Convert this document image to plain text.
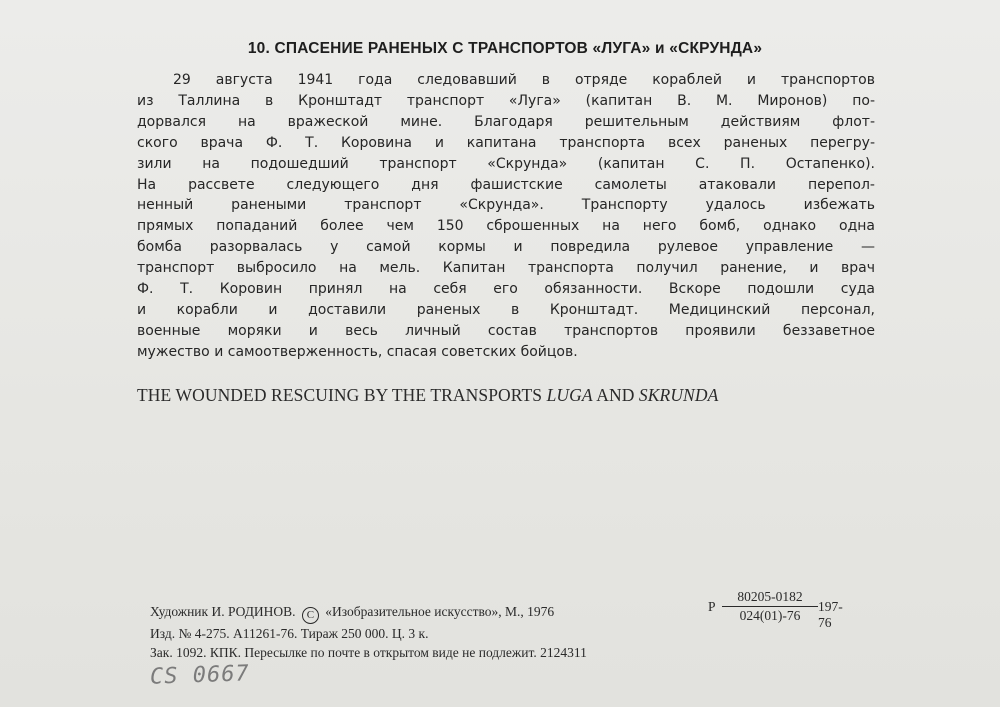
10. СПАСЕНИЕ РАНЕНЫХ С ТРАНСПОРТОВ «ЛУГА» и «СКРУНДА»
29 августа 1941 года следовавший в отряде кораблей и транспортов
из Таллина в Кронштадт транспорт «Луга» (капитан В. М. Миронов) по-
дорвался на вражеской мине. Благодаря решительным действиям флот-
ского врача Ф. Т. Коровина и капитана транспорта всех раненых перегру-
зили на подошедший транспорт «Скрунда» (капитан С. П. Остапенко).
На рассвете следующего дня фашистские самолеты атаковали перепол-
ненный ранеными транспорт «Скрунда». Транспорту удалось избежать
прямых попаданий более чем 150 сброшенных на него бомб, однако одна
бомба разорвалась у самой кормы и повредила рулевое управление —
транспорт выбросило на мель. Капитан транспорта получил ранение, и врач
Ф. Т. Коровин принял на себя его обязанности. Вскоре подошли суда
и корабли и доставили раненых в Кронштадт. Медицинский персонал,
военные моряки и весь личный состав транспортов проявили беззаветное
мужество и самоотверженность, спасая советских бойцов.
THE WOUNDED RESCUING BY THE TRANSPORTS LUGA AND SKRUNDA
Художник И. РОДИНОВ. C «Изобразительное искусство», М., 1976
Изд. № 4-275. А11261-76. Тираж 250 000. Ц. 3 к.
Зак. 1092. КПК. Пересылке по почте в открытом виде не подлежит. 2124311
Р $\frac{80205-0182}{024(01)-76} 197-76$
CS 0667
